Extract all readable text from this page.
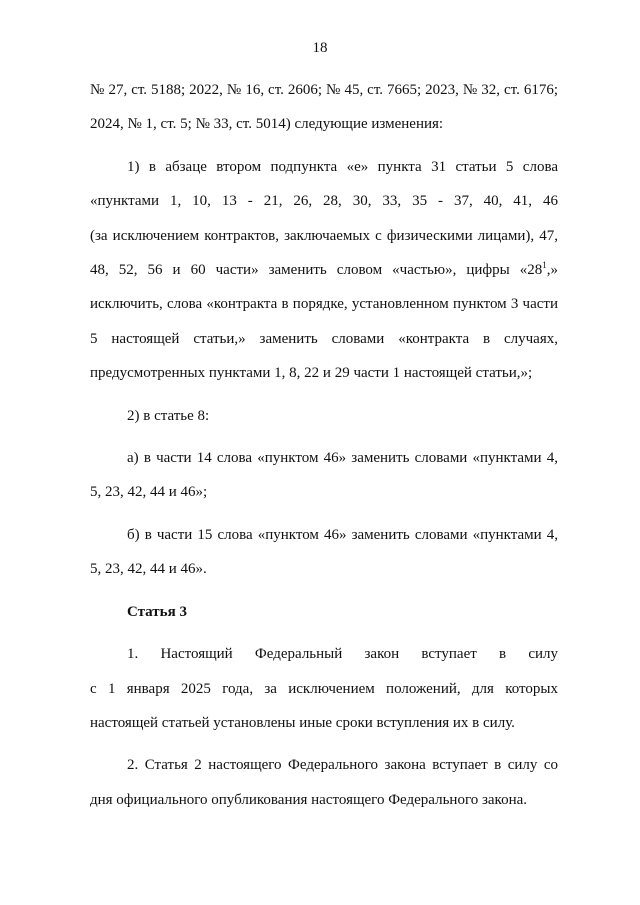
18

№ 27, ст. 5188; 2022, № 16, ст. 2606; № 45, ст. 7665; 2023, № 32, ст. 6176;

2024, № 1, ст. 5; № 33, ст. 5014) следующие изменения:

1) в абзаце втором подпункта «е» пункта 31 статьи 5 слова

«пунктами 1, 10, 13 - 21, 26, 28, 30, 33, 35 - 37, 40, 41, 46

(за исключением контрактов, заключаемых с физическими лицами), 47,

48, 52, 56 и 60 части» заменить словом «частью», цифры «$28^1$,»

исключить, слова «контракта в порядке, установленном пунктом 3 части

5 настоящей статьи,» заменить словами «контракта в случаях,

предусмотренных пунктами 1, 8, 22 и 29 части 1 настоящей статьи,»;

2) в статье 8:

а) в части 14 слова «пунктом 46» заменить словами «пунктами 4,

5, 23, 42, 44 и 46»;

б) в части 15 слова «пунктом 46» заменить словами «пунктами 4,

5, 23, 42, 44 и 46».

Статья 3

1. Настоящий Федеральный закон вступает в силу

с 1 января 2025 года, за исключением положений, для которых

настоящей статьей установлены иные сроки вступления их в силу.

2. Статья 2 настоящего Федерального закона вступает в силу со

дня официального опубликования настоящего Федерального закона.
